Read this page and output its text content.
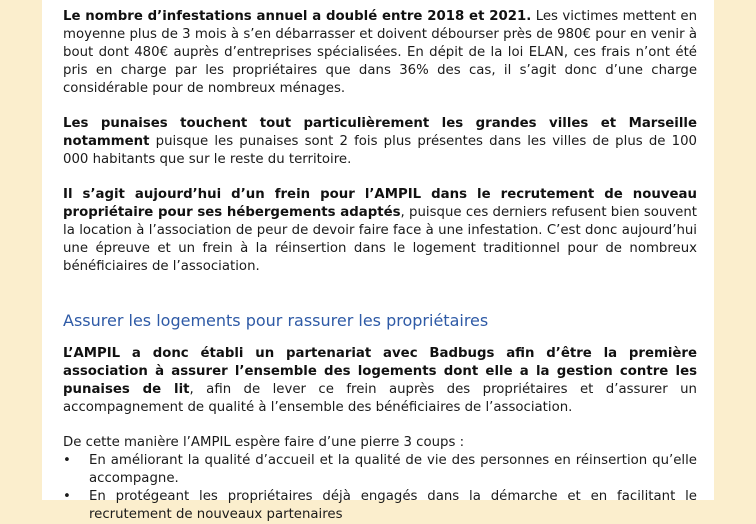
Le nombre d’infestations annuel a doublé entre 2018 et 2021. Les victimes mettent en moyenne plus de 3 mois à s’en débarrasser et doivent débourser près de 980€ pour en venir à bout dont 480€ auprès d’entreprises spécialisées. En dépit de la loi ELAN, ces frais n’ont été pris en charge par les propriétaires que dans 36% des cas, il s’agit donc d’une charge considérable pour de nombreux ménages.

Les punaises touchent tout particulièrement les grandes villes et Marseille notamment puisque les punaises sont 2 fois plus présentes dans les villes de plus de 100 000 habitants que sur le reste du territoire.

Il s’agit aujourd’hui d’un frein pour l’AMPIL dans le recrutement de nouveau propriétaire pour ses hébergements adaptés, puisque ces derniers refusent bien souvent la location à l’association de peur de devoir faire face à une infestation. C’est donc aujourd’hui une épreuve et un frein à la réinsertion dans le logement traditionnel pour de nombreux bénéficiaires de l’association.

Assurer les logements pour rassurer les propriétaires

L’AMPIL a donc établi un partenariat avec Badbugs afin d’être la première association à assurer l’ensemble des logements dont elle a la gestion contre les punaises de lit, afin de lever ce frein auprès des propriétaires et d’assurer un accompagnement de qualité à l’ensemble des bénéficiaires de l’association.

De cette manière l’AMPIL espère faire d’une pierre 3 coups :

• En améliorant la qualité d’accueil et la qualité de vie des personnes en réinsertion qu’elle accompagne.
• En protégeant les propriétaires déjà engagés dans la démarche et en facilitant le recrutement de nouveaux partenaires
